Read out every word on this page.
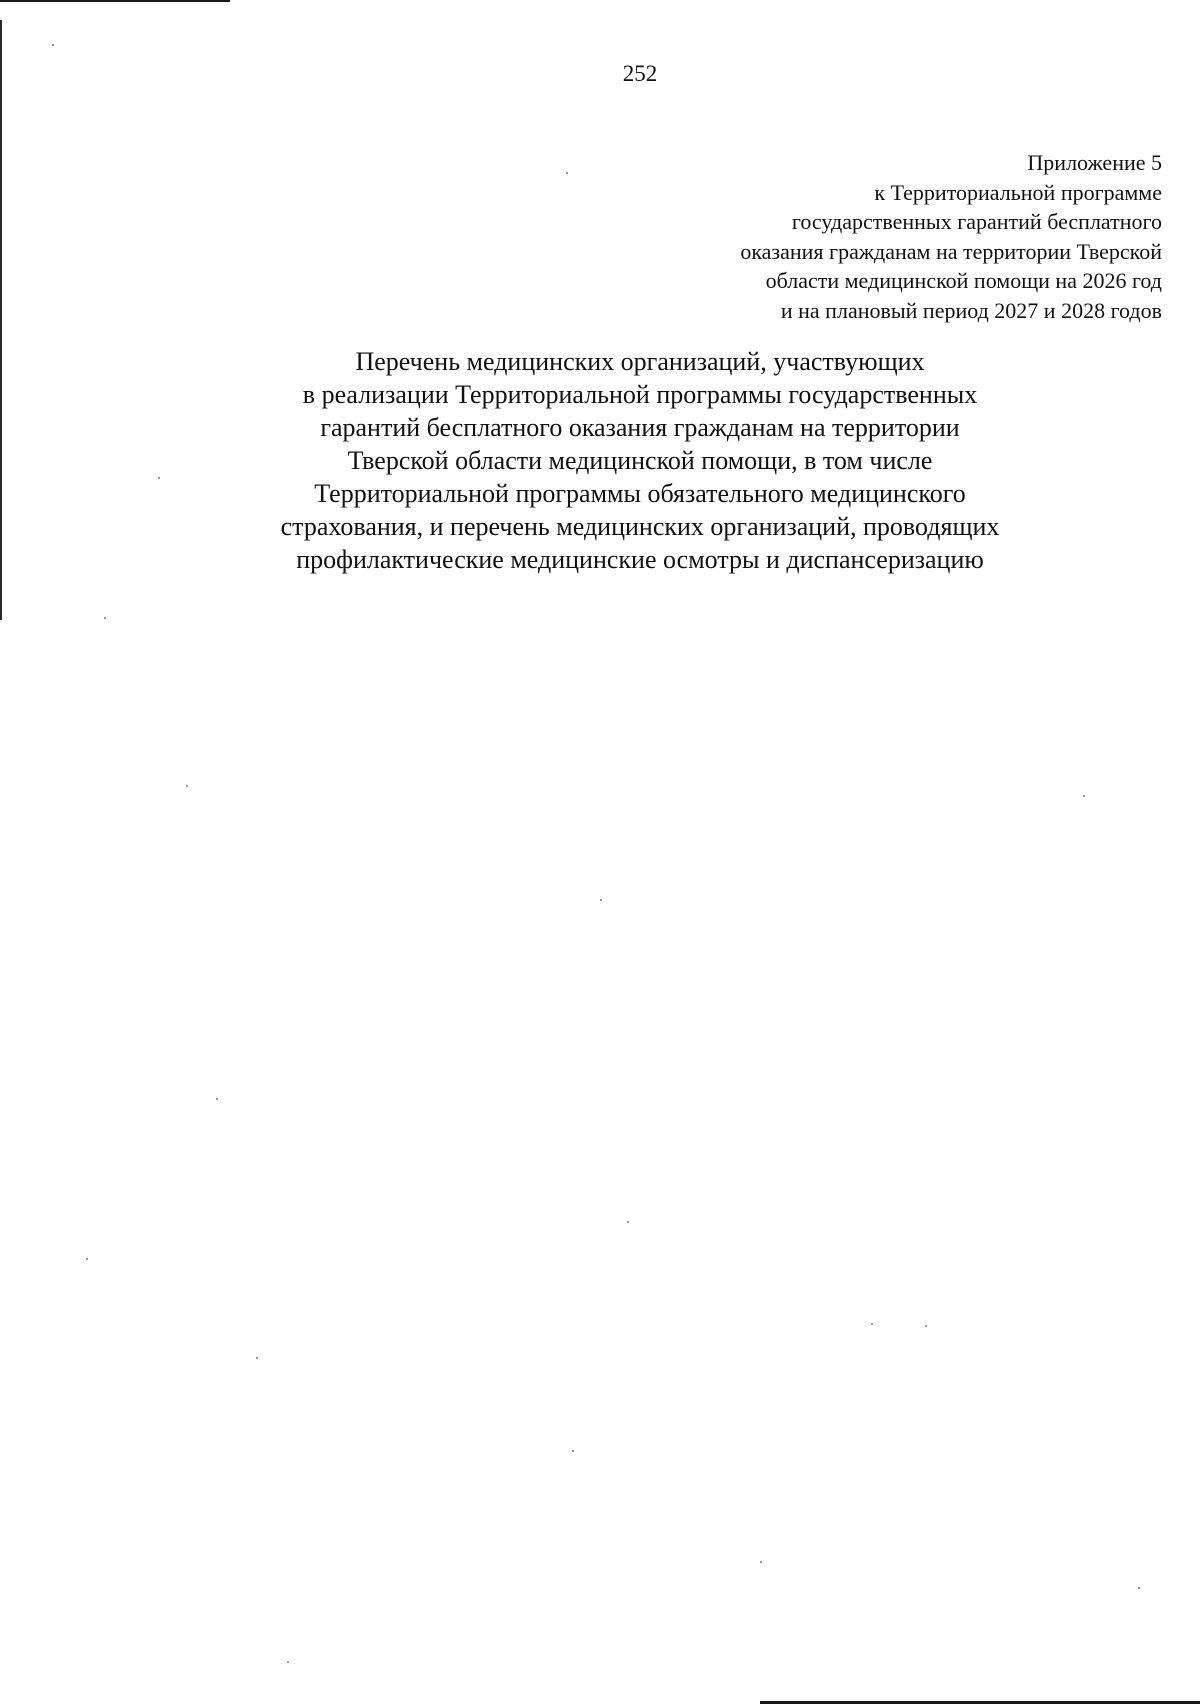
252
Приложение 5
к Территориальной программе
государственных гарантий бесплатного
оказания гражданам на территории Тверской
области медицинской помощи на 2026 год
и на плановый период 2027 и 2028 годов
Перечень медицинских организаций, участвующих
в реализации Территориальной программы государственных
гарантий бесплатного оказания гражданам на территории
Тверской области медицинской помощи, в том числе
Территориальной программы обязательного медицинского
страхования, и перечень медицинских организаций, проводящих
профилактические медицинские осмотры и диспансеризацию
